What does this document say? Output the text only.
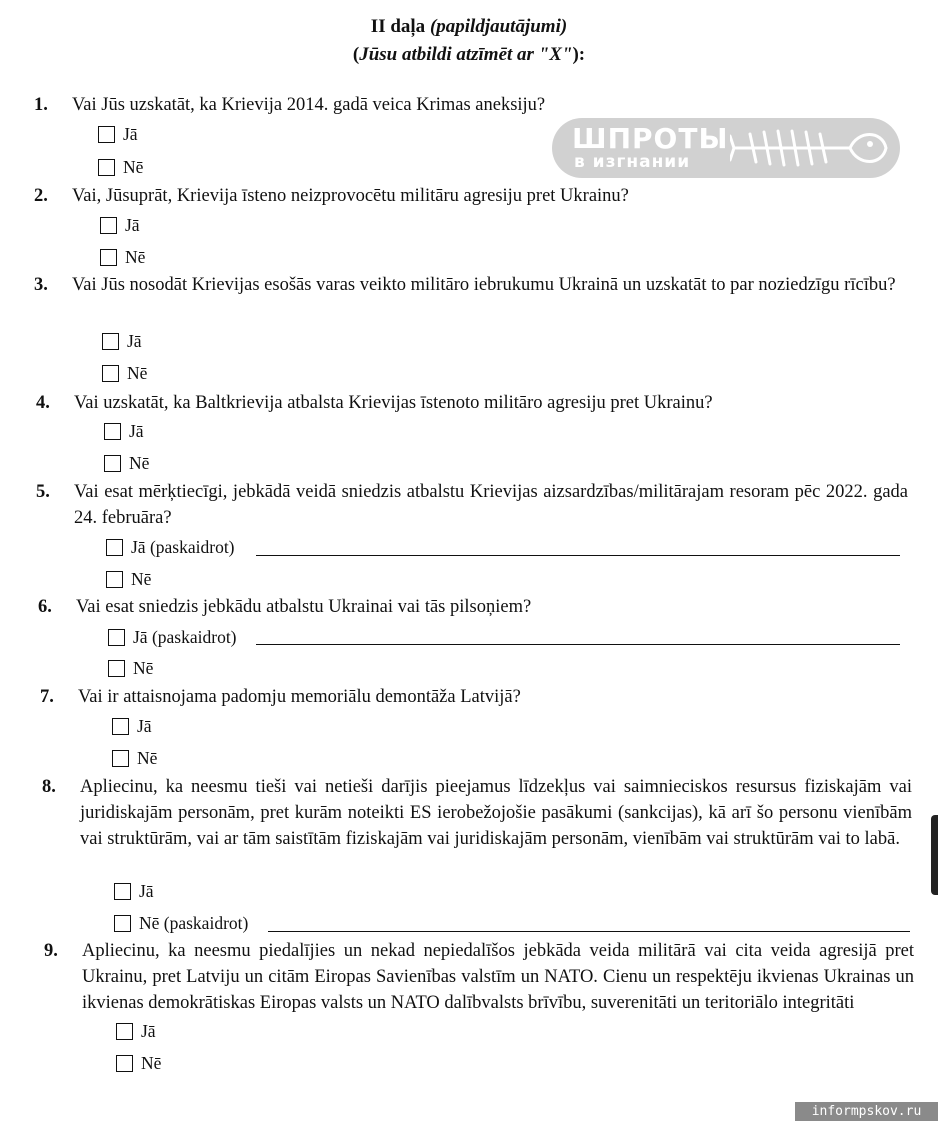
II daļa (papildjautājumi)
(Jūsu atbildi atzīmēt ar "X"):
ШПРОТЫ
в изгнании
1. Vai Jūs uzskatāt, ka Krievija 2014. gadā veica Krimas aneksiju?
Jā
Nē
2. Vai, Jūsuprāt, Krievija īsteno neizprovocētu militāru agresiju pret Ukrainu?
Jā
Nē
3. Vai Jūs nosodāt Krievijas esošās varas veikto militāro iebrukumu Ukrainā un uzskatāt to par noziedzīgu rīcību?
Jā
Nē
4. Vai uzskatāt, ka Baltkrievija atbalsta Krievijas īstenoto militāro agresiju pret Ukrainu?
Jā
Nē
5. Vai esat mērķtiecīgi, jebkādā veidā sniedzis atbalstu Krievijas aizsardzības/militārajam resoram pēc 2022. gada 24. februāra?
Jā (paskaidrot)
Nē
6. Vai esat sniedzis jebkādu atbalstu Ukrainai vai tās pilsoņiem?
Jā (paskaidrot)
Nē
7. Vai ir attaisnojama padomju memoriālu demontāža Latvijā?
Jā
Nē
8. Apliecinu, ka neesmu tieši vai netieši darījis pieejamus līdzekļus vai saimnieciskos resursus fiziskajām vai juridiskajām personām, pret kurām noteikti ES ierobežojošie pasākumi (sankcijas), kā arī šo personu vienībām vai struktūrām, vai ar tām saistītām fiziskajām vai juridiskajām personām, vienībām vai struktūrām vai to labā.
Jā
Nē (paskaidrot)
9. Apliecinu, ka neesmu piedalījies un nekad nepiedalīšos jebkāda veida militārā vai cita veida agresijā pret Ukrainu, pret Latviju un citām Eiropas Savienības valstīm un NATO. Cienu un respektēju ikvienas Ukrainas un ikvienas demokrātiskas Eiropas valsts un NATO dalībvalsts brīvību, suverenitāti un teritoriālo integritāti
Jā
Nē
informpskov.ru
